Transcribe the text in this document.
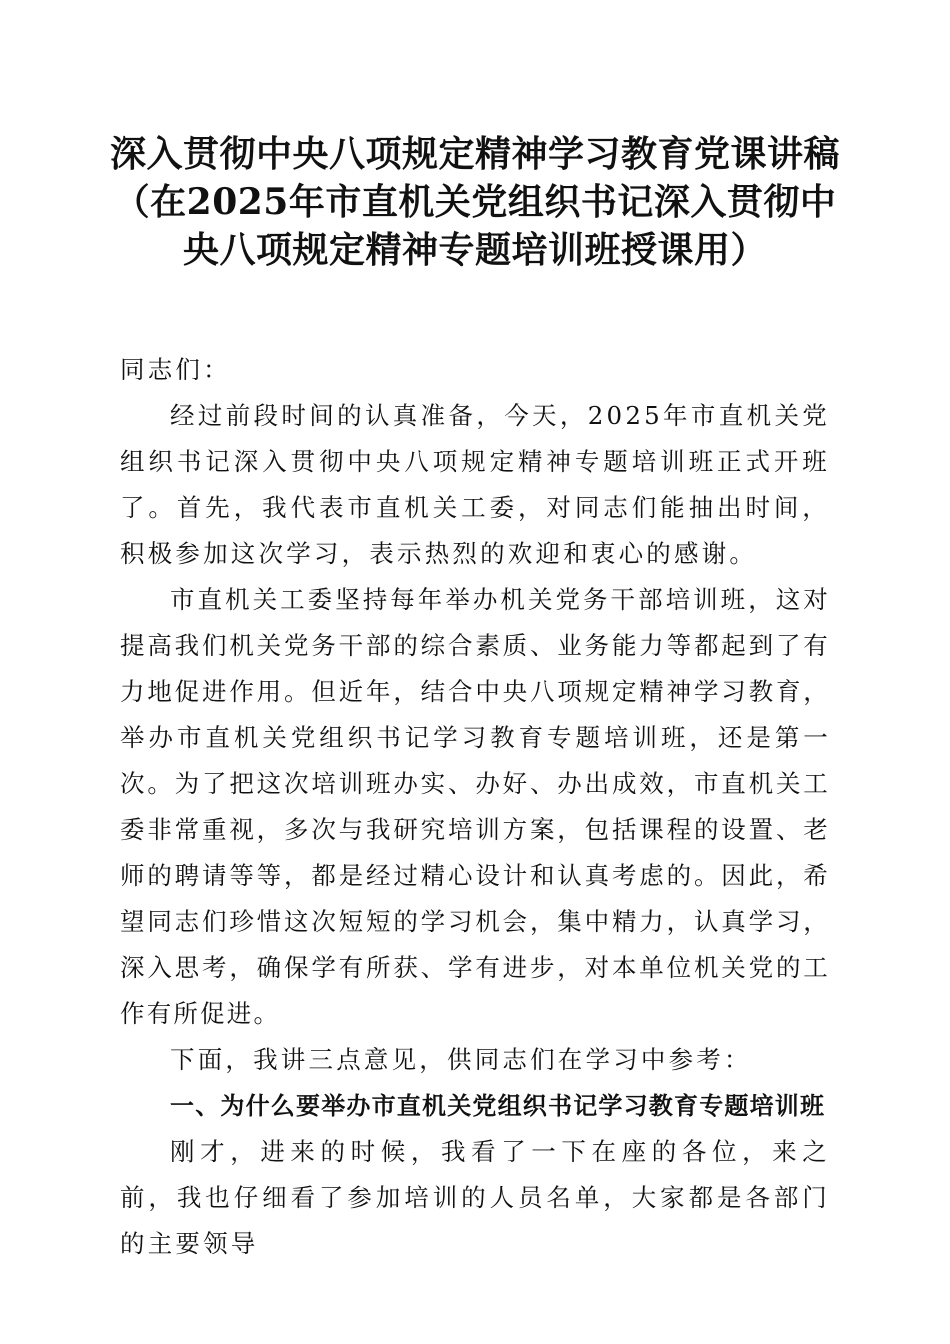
深入贯彻中央八项规定精神学习教育党课讲稿
（在2025年市直机关党组织书记深入贯彻中
央八项规定精神专题培训班授课用）

同志们：

经过前段时间的认真准备，今天，2025年市直机关党组织书记深入贯彻中央八项规定精神专题培训班正式开班了。首先，我代表市直机关工委，对同志们能抽出时间，积极参加这次学习，表示热烈的欢迎和衷心的感谢。

市直机关工委坚持每年举办机关党务干部培训班，这对提高我们机关党务干部的综合素质、业务能力等都起到了有力地促进作用。但近年，结合中央八项规定精神学习教育，举办市直机关党组织书记学习教育专题培训班，还是第一次。为了把这次培训班办实、办好、办出成效，市直机关工委非常重视，多次与我研究培训方案，包括课程的设置、老师的聘请等等，都是经过精心设计和认真考虑的。因此，希望同志们珍惜这次短短的学习机会，集中精力，认真学习，深入思考，确保学有所获、学有进步，对本单位机关党的工作有所促进。

下面，我讲三点意见，供同志们在学习中参考：

一、为什么要举办市直机关党组织书记学习教育专题培训班

刚才，进来的时候，我看了一下在座的各位，来之前，我也仔细看了参加培训的人员名单，大家都是各部门的主要领导
